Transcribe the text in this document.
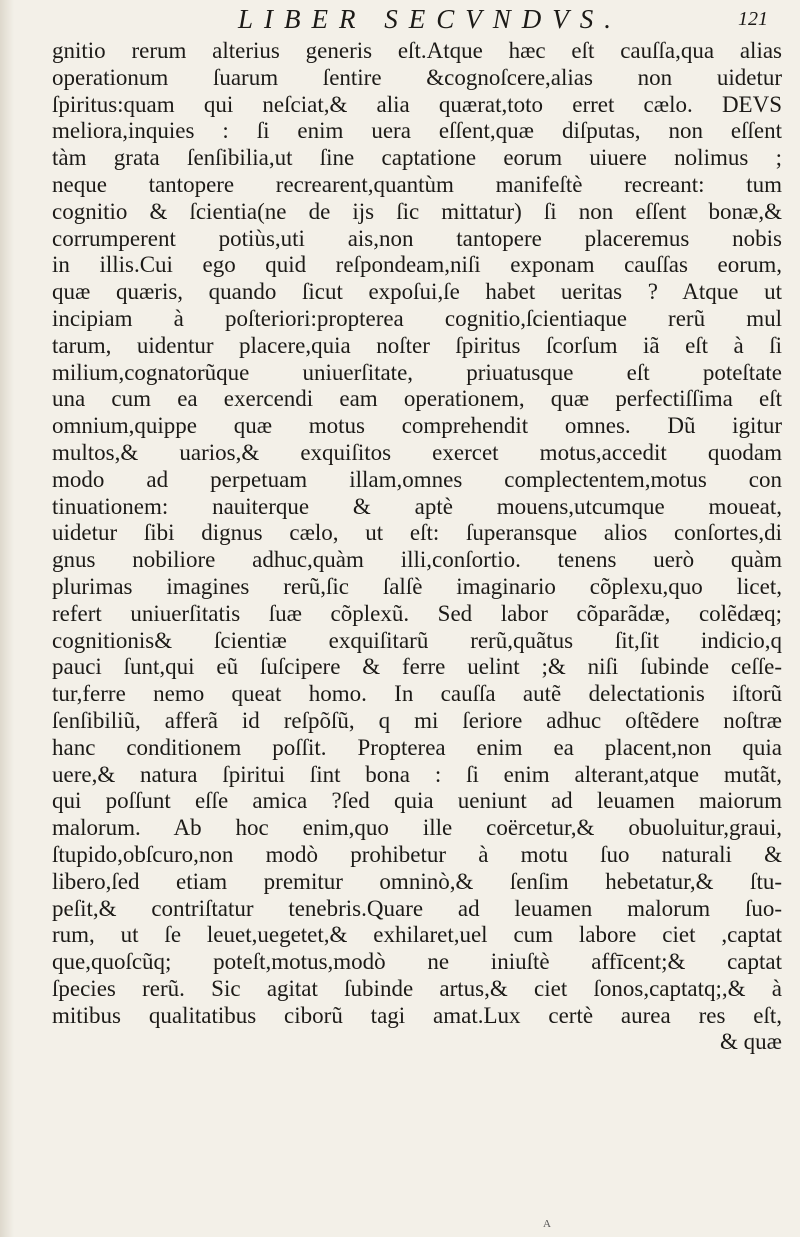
LIBER SECVNDVS.	121
gnitio rerum alterius generis eſt.Atque hæc eſt cauſſa,qua alias
operationum ſuarum ſentire &cognoſcere,alias non uidetur
ſpiritus:quam qui neſciat,& alia quærat,toto erret cælo. DEVS
meliora,inquies : ſi enim uera eſſent,quæ diſputas, non eſſent
tàm grata ſenſibilia,ut ſine captatione eorum uiuere nolimus ;
neque tantopere recrearent,quantùm manifeſtè recreant: tum
cognitio & ſcientia(ne de ijs ſic mittatur) ſi non eſſent bonæ,&
corrumperent potiùs,uti ais,non tantopere placeremus nobis
in illis.Cui ego quid reſpondeam,niſi exponam cauſſas eorum,
quæ quæris, quando ſicut expoſui,ſe habet ueritas ? Atque ut
incipiam à poſteriori:propterea cognitio,ſcientiaque rerũ mul
tarum, uidentur placere,quia noſter ſpiritus ſcorſum iã eſt à ſi
milium,cognatorũque uniuerſitate, priuatusque eſt poteſtate
una cum ea exercendi eam operationem, quæ perfectiſſima eſt
omnium,quippe quæ motus comprehendit omnes. Dũ igitur
multos,& uarios,& exquiſitos exercet motus,accedit quodam
modo ad perpetuam illam,omnes complectentem,motus con
tinuationem: nauiterque & aptè mouens,utcumque moueat,
uidetur ſibi dignus cælo, ut eſt: ſuperansque alios conſortes,di
gnus nobiliore adhuc,quàm illi,conſortio. tenens uerò quàm
plurimas imagines rerũ,ſic ſalſè imaginario cõplexu,quo licet,
refert uniuerſitatis ſuæ cõplexũ. Sed labor cõparãdæ, colẽdæq;
cognitionis& ſcientiæ exquiſitarũ rerũ,quãtus ſit,ſit indicio,q
pauci ſunt,qui eũ ſuſcipere & ferre uelint ;& niſi ſubinde ceſſe-
tur,ferre nemo queat homo. In cauſſa autẽ delectationis iſtorũ
ſenſibiliũ, afferã id reſpõſũ, q mi ſeriore adhuc oſtẽdere noſtræ
hanc conditionem poſſit. Propterea enim ea placent,non quia
uere,& natura ſpiritui ſint bona : ſi enim alterant,atque mutãt,
qui poſſunt eſſe amica ?ſed quia ueniunt ad leuamen maiorum
malorum. Ab hoc enim,quo ille coërcetur,& obuoluitur,graui,
ſtupido,obſcuro,non modò prohibetur à motu ſuo naturali &
libero,ſed etiam premitur omninò,& ſenſim hebetatur,& ſtu-
peſit,& contriſtatur tenebris.Quare ad leuamen malorum ſuo-
rum, ut ſe leuet,uegetet,& exhilaret,uel cum labore ciet ,captat
que,quoſcũq; poteſt,motus,modò ne iniuſtè affīcent;& captat
ſpecies rerũ. Sic agitat ſubinde artus,& ciet ſonos,captatq;,& à
mitibus qualitatibus ciborũ tagi amat.Lux certè aurea res eſt,
& quæ
A
